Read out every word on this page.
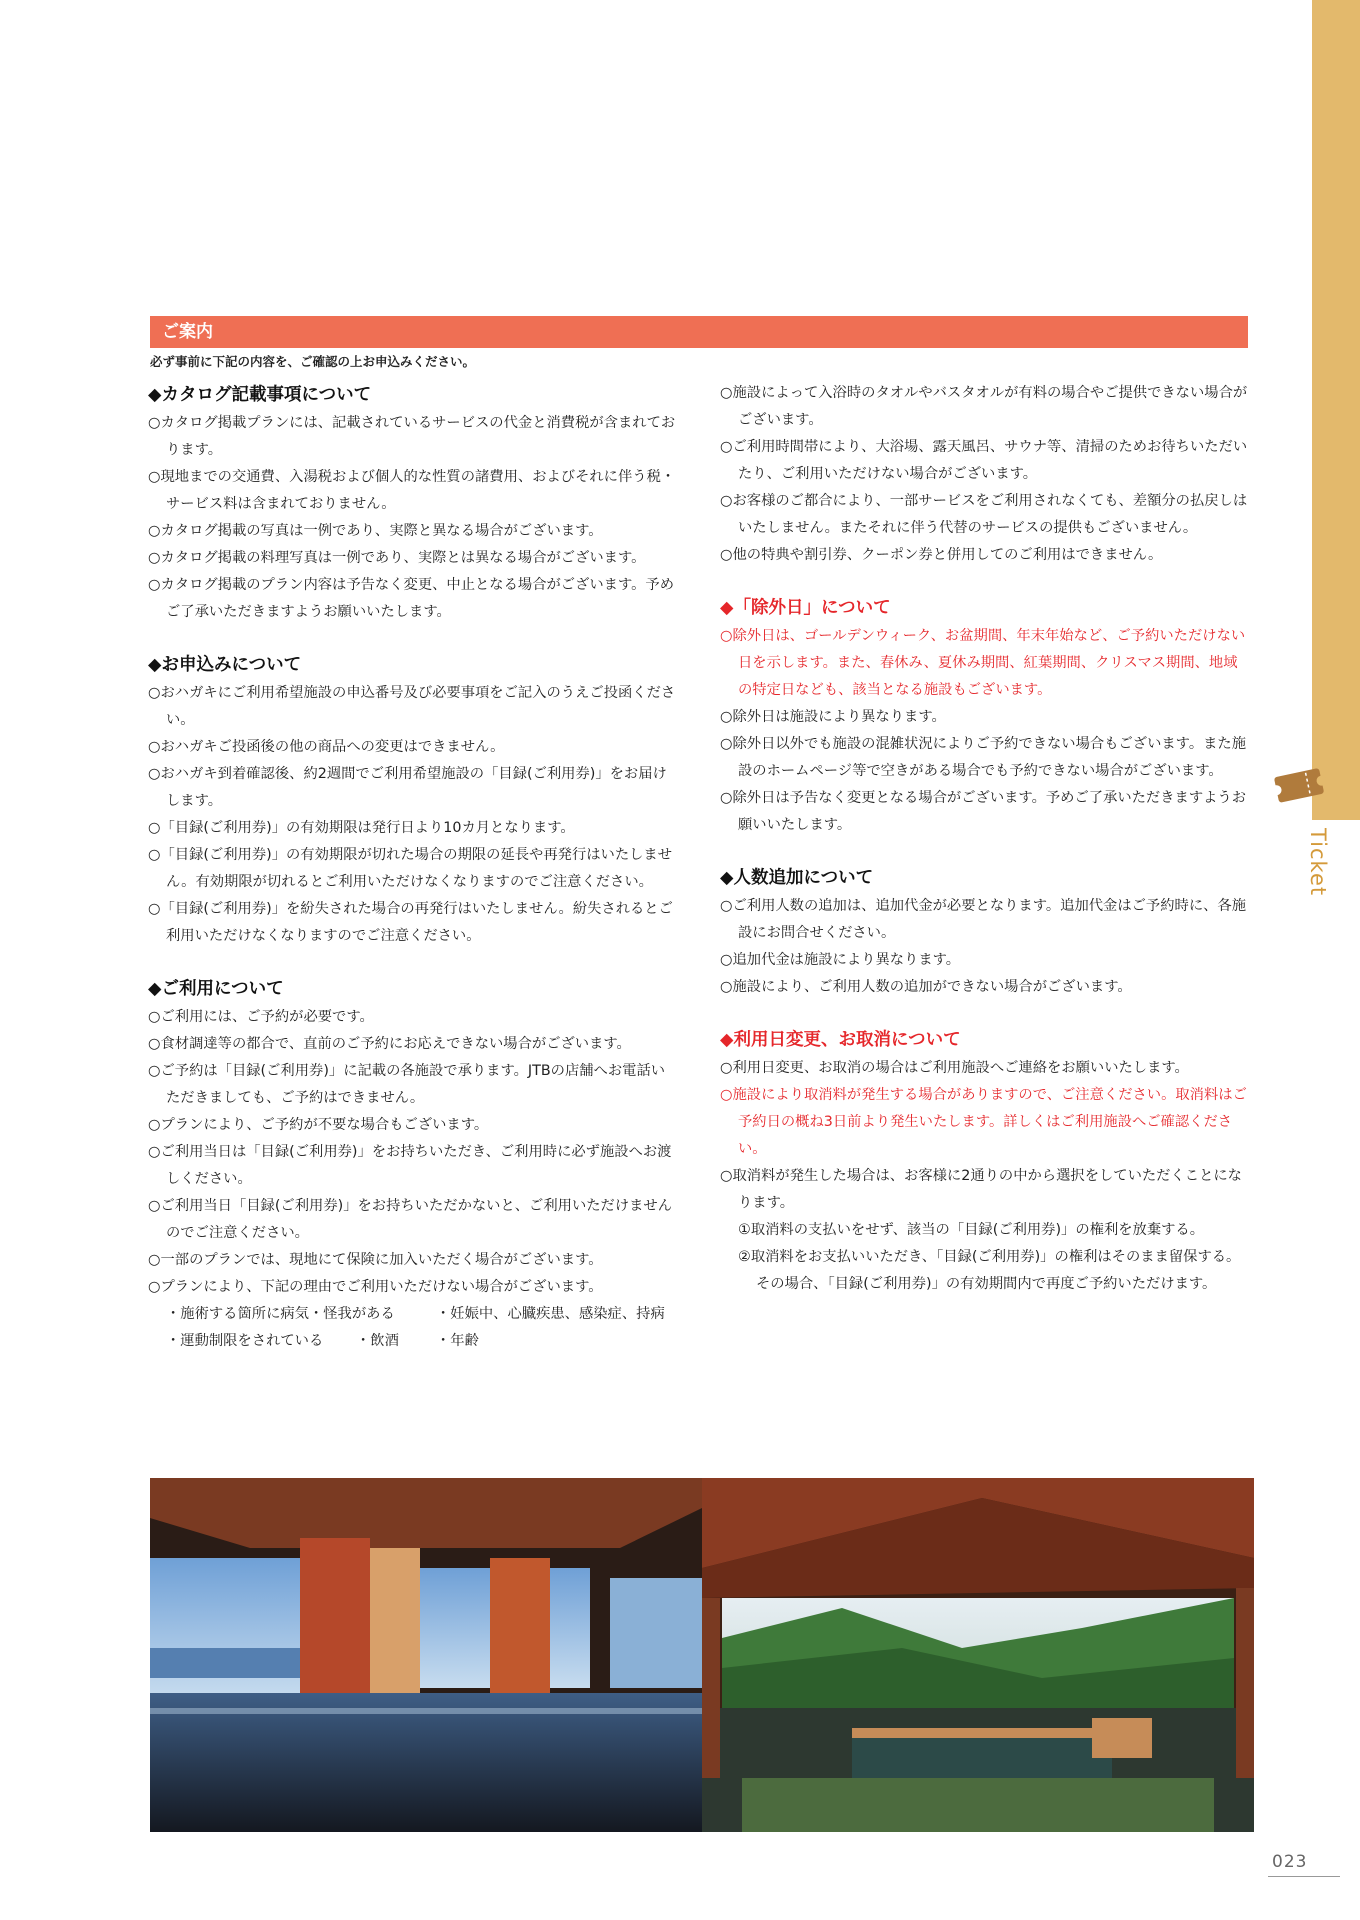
Ticket
ご案内
必ず事前に下記の内容を、ご確認の上お申込みください。
◆カタログ記載事項について
○カタログ掲載プランには、記載されているサービスの代金と消費税が含まれております。
○現地までの交通費、入湯税および個人的な性質の諸費用、およびそれに伴う税・サービス料は含まれておりません。
○カタログ掲載の写真は一例であり、実際と異なる場合がございます。
○カタログ掲載の料理写真は一例であり、実際とは異なる場合がございます。
○カタログ掲載のプラン内容は予告なく変更、中止となる場合がございます。予めご了承いただきますようお願いいたします。
◆お申込みについて
○おハガキにご利用希望施設の申込番号及び必要事項をご記入のうえご投函ください。
○おハガキご投函後の他の商品への変更はできません。
○おハガキ到着確認後、約2週間でご利用希望施設の「目録(ご利用券)」をお届けします。
○「目録(ご利用券)」の有効期限は発行日より10カ月となります。
○「目録(ご利用券)」の有効期限が切れた場合の期限の延長や再発行はいたしません。有効期限が切れるとご利用いただけなくなりますのでご注意ください。
○「目録(ご利用券)」を紛失された場合の再発行はいたしません。紛失されるとご利用いただけなくなりますのでご注意ください。
◆ご利用について
○ご利用には、ご予約が必要です。
○食材調達等の都合で、直前のご予約にお応えできない場合がございます。
○ご予約は「目録(ご利用券)」に記載の各施設で承ります。JTBの店舗へお電話いただきましても、ご予約はできません。
○プランにより、ご予約が不要な場合もございます。
○ご利用当日は「目録(ご利用券)」をお持ちいただき、ご利用時に必ず施設へお渡しください。
○ご利用当日「目録(ご利用券)」をお持ちいただかないと、ご利用いただけませんのでご注意ください。
○一部のプランでは、現地にて保険に加入いただく場合がございます。
○プランにより、下記の理由でご利用いただけない場合がございます。
・施術する箇所に病気・怪我がある	・妊娠中、心臓疾患、感染症、持病
・運動制限をされている ・飲酒	・年齢
○施設によって入浴時のタオルやバスタオルが有料の場合やご提供できない場合がございます。
○ご利用時間帯により、大浴場、露天風呂、サウナ等、清掃のためお待ちいただいたり、ご利用いただけない場合がございます。
○お客様のご都合により、一部サービスをご利用されなくても、差額分の払戻しはいたしません。またそれに伴う代替のサービスの提供もございません。
○他の特典や割引券、クーポン券と併用してのご利用はできません。
◆「除外日」について
○除外日は、ゴールデンウィーク、お盆期間、年末年始など、ご予約いただけない日を示します。また、春休み、夏休み期間、紅葉期間、クリスマス期間、地域の特定日なども、該当となる施設もございます。
○除外日は施設により異なります。
○除外日以外でも施設の混雑状況によりご予約できない場合もございます。また施設のホームページ等で空きがある場合でも予約できない場合がございます。
○除外日は予告なく変更となる場合がございます。予めご了承いただきますようお願いいたします。
◆人数追加について
○ご利用人数の追加は、追加代金が必要となります。追加代金はご予約時に、各施設にお問合せください。
○追加代金は施設により異なります。
○施設により、ご利用人数の追加ができない場合がございます。
◆利用日変更、お取消について
○利用日変更、お取消の場合はご利用施設へご連絡をお願いいたします。
○施設により取消料が発生する場合がありますので、ご注意ください。取消料はご予約日の概ね3日前より発生いたします。詳しくはご利用施設へご確認ください。
○取消料が発生した場合は、お客様に2通りの中から選択をしていただくことになります。
①取消料の支払いをせず、該当の「目録(ご利用券)」の権利を放棄する。
②取消料をお支払いいただき、「目録(ご利用券)」の権利はそのまま留保する。その場合、「目録(ご利用券)」の有効期間内で再度ご予約いただけます。
023
